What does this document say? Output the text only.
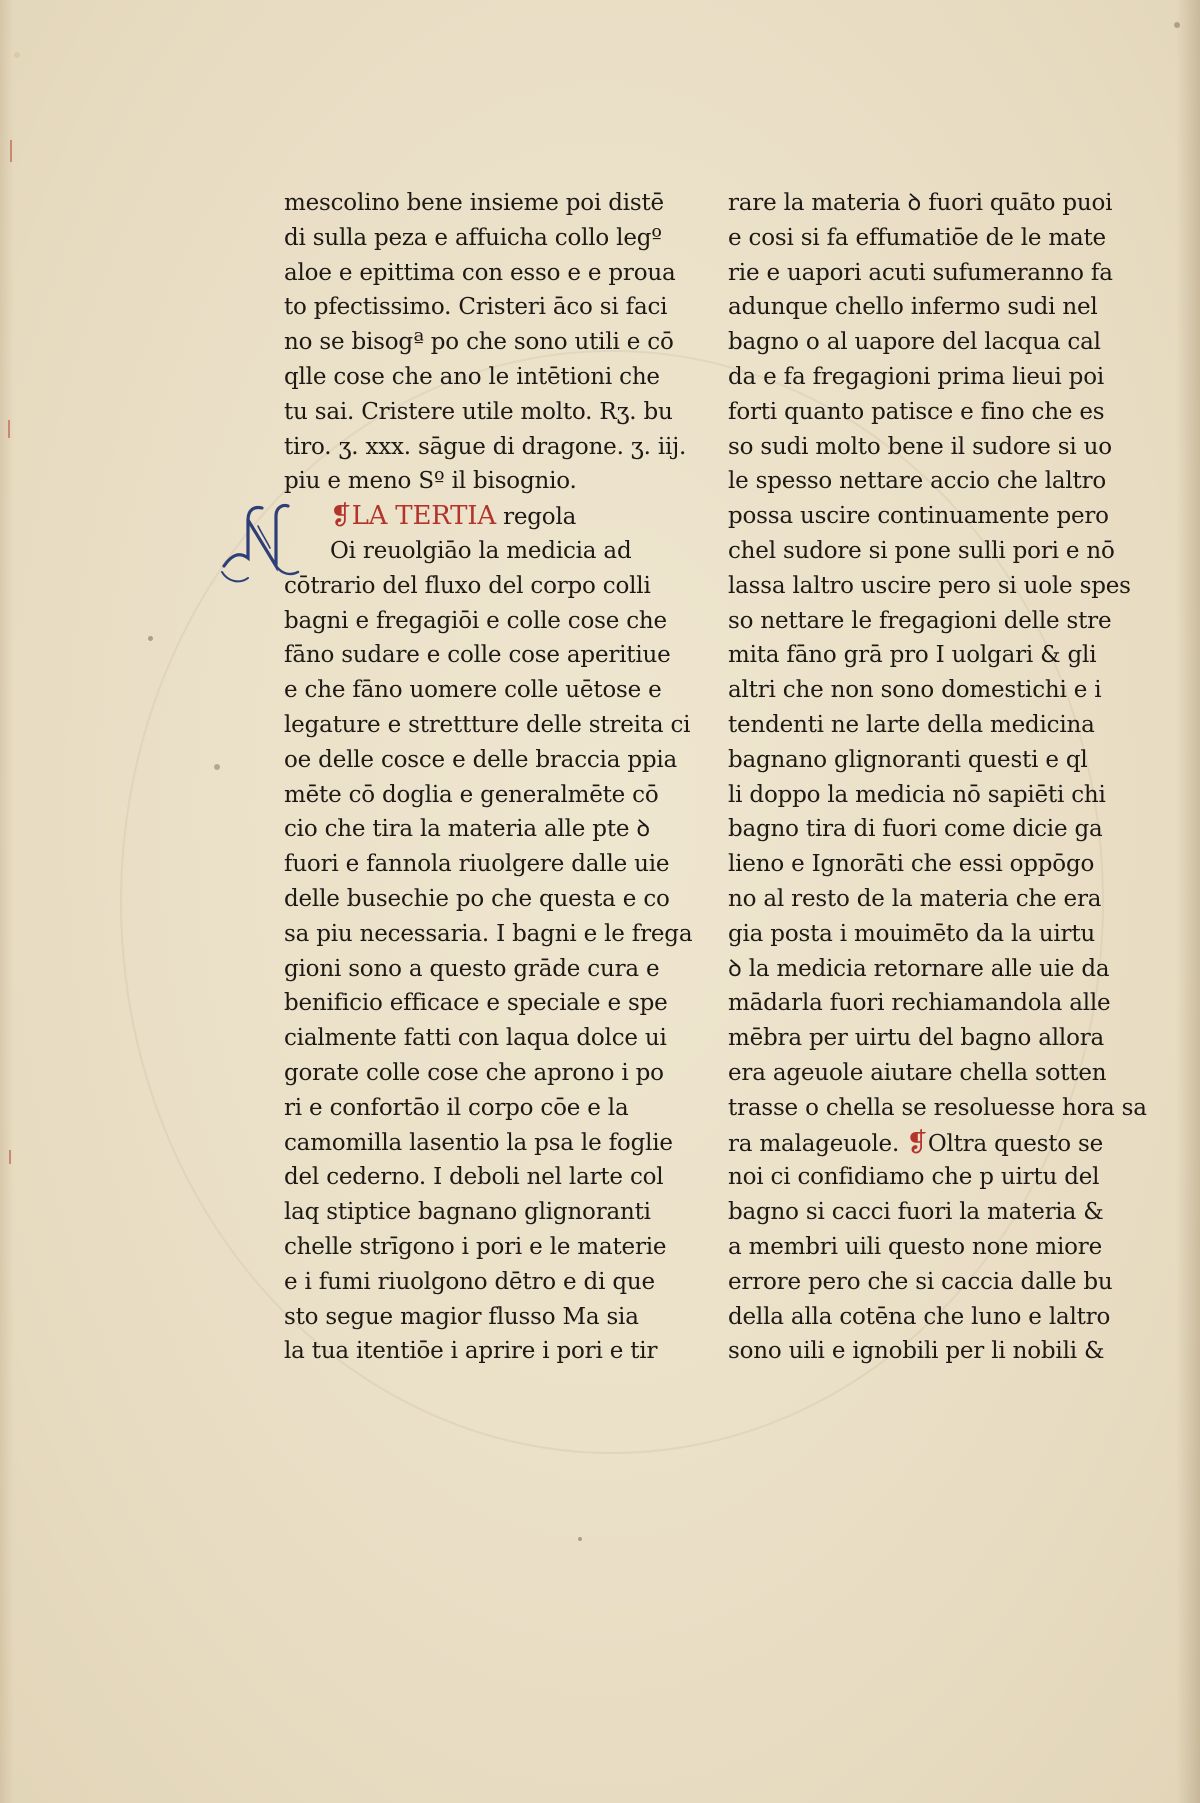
mescolino bene insieme poi distē
di sulla peza e affuicha collo legº
aloe e epittima con esso e e proua
to pfectissimo. Cristeri āco si faci
no se bisogª po che sono utili e cō
qlle cose che ano le intētioni che
tu sai. Cristere utile molto. Rʒ. bu
tiro. ʒ. xxx. sāgue di dragone. ʒ. iij.
piu e meno Sº il bisognio.
❡LA TERTIA regola
Oi reuolgiāo la medicia ad
cōtrario del fluxo del corpo colli
bagni e fregagiōi e colle cose che
fāno sudare e colle cose aperitiue
e che fāno uomere colle uētose e
legature e strettture delle streita ci
oe delle cosce e delle braccia ppia
mēte cō doglia e generalmēte cō
cio che tira la materia alle pte ꝺ
fuori e fannola riuolgere dalle uie
delle busechie po che questa e co
sa piu necessaria. I bagni e le frega
gioni sono a questo grāde cura e
benificio efficace e speciale e spe
cialmente fatti con laqua dolce ui
gorate colle cose che aprono i po
ri e confortāo il corpo cōe e la
camomilla lasentio la psa le foglie
del cederno. I deboli nel larte col
laq stiptice bagnano glignoranti
chelle strīgono i pori e le materie
e i fumi riuolgono dētro e di que
sto segue magior flusso Ma sia
la tua itentiōe i aprire i pori e tir
rare la materia ꝺ fuori quāto puoi
e cosi si fa effumatiōe de le mate
rie e uapori acuti sufumeranno fa
adunque chello infermo sudi nel
bagno o al uapore del lacqua cal
da e fa fregagioni prima lieui poi
forti quanto patisce e fino che es
so sudi molto bene il sudore si uo
le spesso nettare accio che laltro
possa uscire continuamente pero
chel sudore si pone sulli pori e nō
lassa laltro uscire pero si uole spes
so nettare le fregagioni delle stre
mita fāno grā pro I uolgari & gli
altri che non sono domestichi e i
tendenti ne larte della medicina
bagnano glignoranti questi e ql
li doppo la medicia nō sapiēti chi
bagno tira di fuori come dicie ga
lieno e Ignorāti che essi oppōgo
no al resto de la materia che era
gia posta i mouimēto da la uirtu
ꝺ la medicia retornare alle uie da
mādarla fuori rechiamandola alle
mēbra per uirtu del bagno allora
era ageuole aiutare chella sotten
trasse o chella se resoluesse hora sa
ra malageuole. ❡Oltra questo se
noi ci confidiamo che p uirtu del
bagno si cacci fuori la materia &
a membri uili questo none miore
errore pero che si caccia dalle bu
della alla cotēna che luno e laltro
sono uili e ignobili per li nobili &
